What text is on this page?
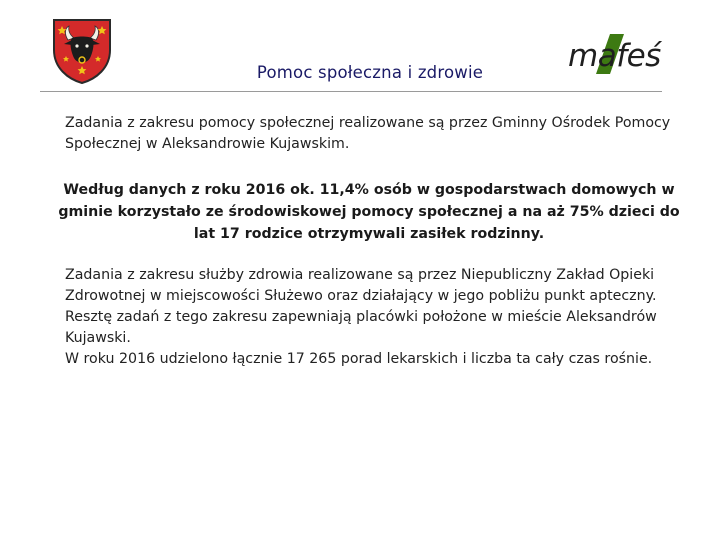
Pomoc społeczna i zdrowie	mafeś
Zadania z zakresu pomocy społecznej realizowane są przez Gminny Ośrodek Pomocy Społecznej w Aleksandrowie Kujawskim.
Według danych z roku 2016 ok. 11,4% osób w gospodarstwach domowych w gminie korzystało ze środowiskowej pomocy społecznej a na aż 75% dzieci do lat 17 rodzice otrzymywali zasiłek rodzinny.
Zadania z zakresu służby zdrowia realizowane są przez Niepubliczny Zakład Opieki
Zdrowotnej w miejscowości Służewo oraz działający w jego pobliżu punkt apteczny.
Resztę zadań z tego zakresu zapewniają placówki położone w mieście Aleksandrów
Kujawski.
W roku 2016 udzielono łącznie 17 265 porad lekarskich i liczba ta cały czas rośnie.
